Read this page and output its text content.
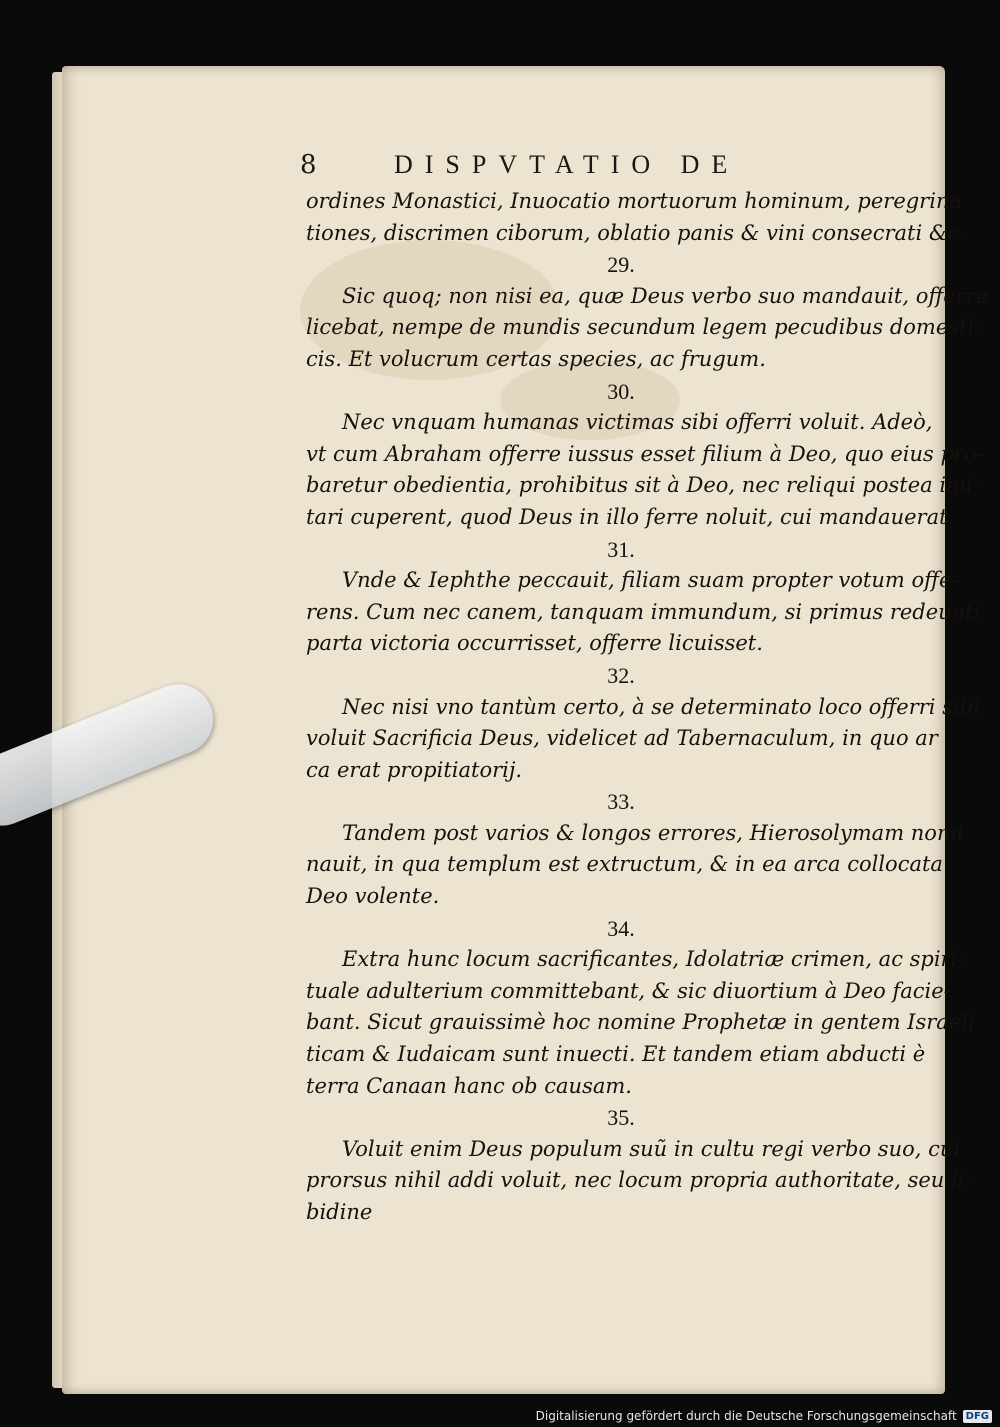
8	DISPVTATIO DE
ordines Monastici, Inuocatio mortuorum hominum, peregrina
tiones, discrimen ciborum, oblatio panis & vini consecrati &c.
29.
Sic quoq; non nisi ea, quæ Deus verbo suo mandauit, offerre
licebat, nempe de mundis secundum legem pecudibus domesti-
cis. Et volucrum certas species, ac frugum.
30.
Nec vnquam humanas victimas sibi offerri voluit. Adeò,
vt cum Abraham offerre iussus esset filium à Deo, quo eius pro-
baretur obedientia, prohibitus sit à Deo, nec reliqui postea imi-
tari cuperent, quod Deus in illo ferre noluit, cui mandauerat.
31.
Vnde & Iephthe peccauit, filiam suam propter votum offe-
rens. Cum nec canem, tanquam immundum, si primus redeunti
parta victoria occurrisset, offerre licuisset.
32.
Nec nisi vno tantùm certo, à se determinato loco offerri sibi
voluit Sacrificia Deus, videlicet ad Tabernaculum, in quo ar
ca erat propitiatorij.
33.
Tandem post varios & longos errores, Hierosolymam nomi
nauit, in qua templum est extructum, & in ea arca collocata
Deo volente.
34.
Extra hunc locum sacrificantes, Idolatriæ crimen, ac spiri-
tuale adulterium committebant, & sic diuortium à Deo facie-
bant. Sicut grauissimè hoc nomine Prophetæ in gentem Israeli
ticam & Iudaicam sunt inuecti. Et tandem etiam abducti è
terra Canaan hanc ob causam.
35.
Voluit enim Deus populum suũ in cultu regi verbo suo, cui
prorsus nihil addi voluit, nec locum propria authoritate, seu li-
bidine
Digitalisierung gefördert durch die Deutsche Forschungsgemeinschaft DFG
